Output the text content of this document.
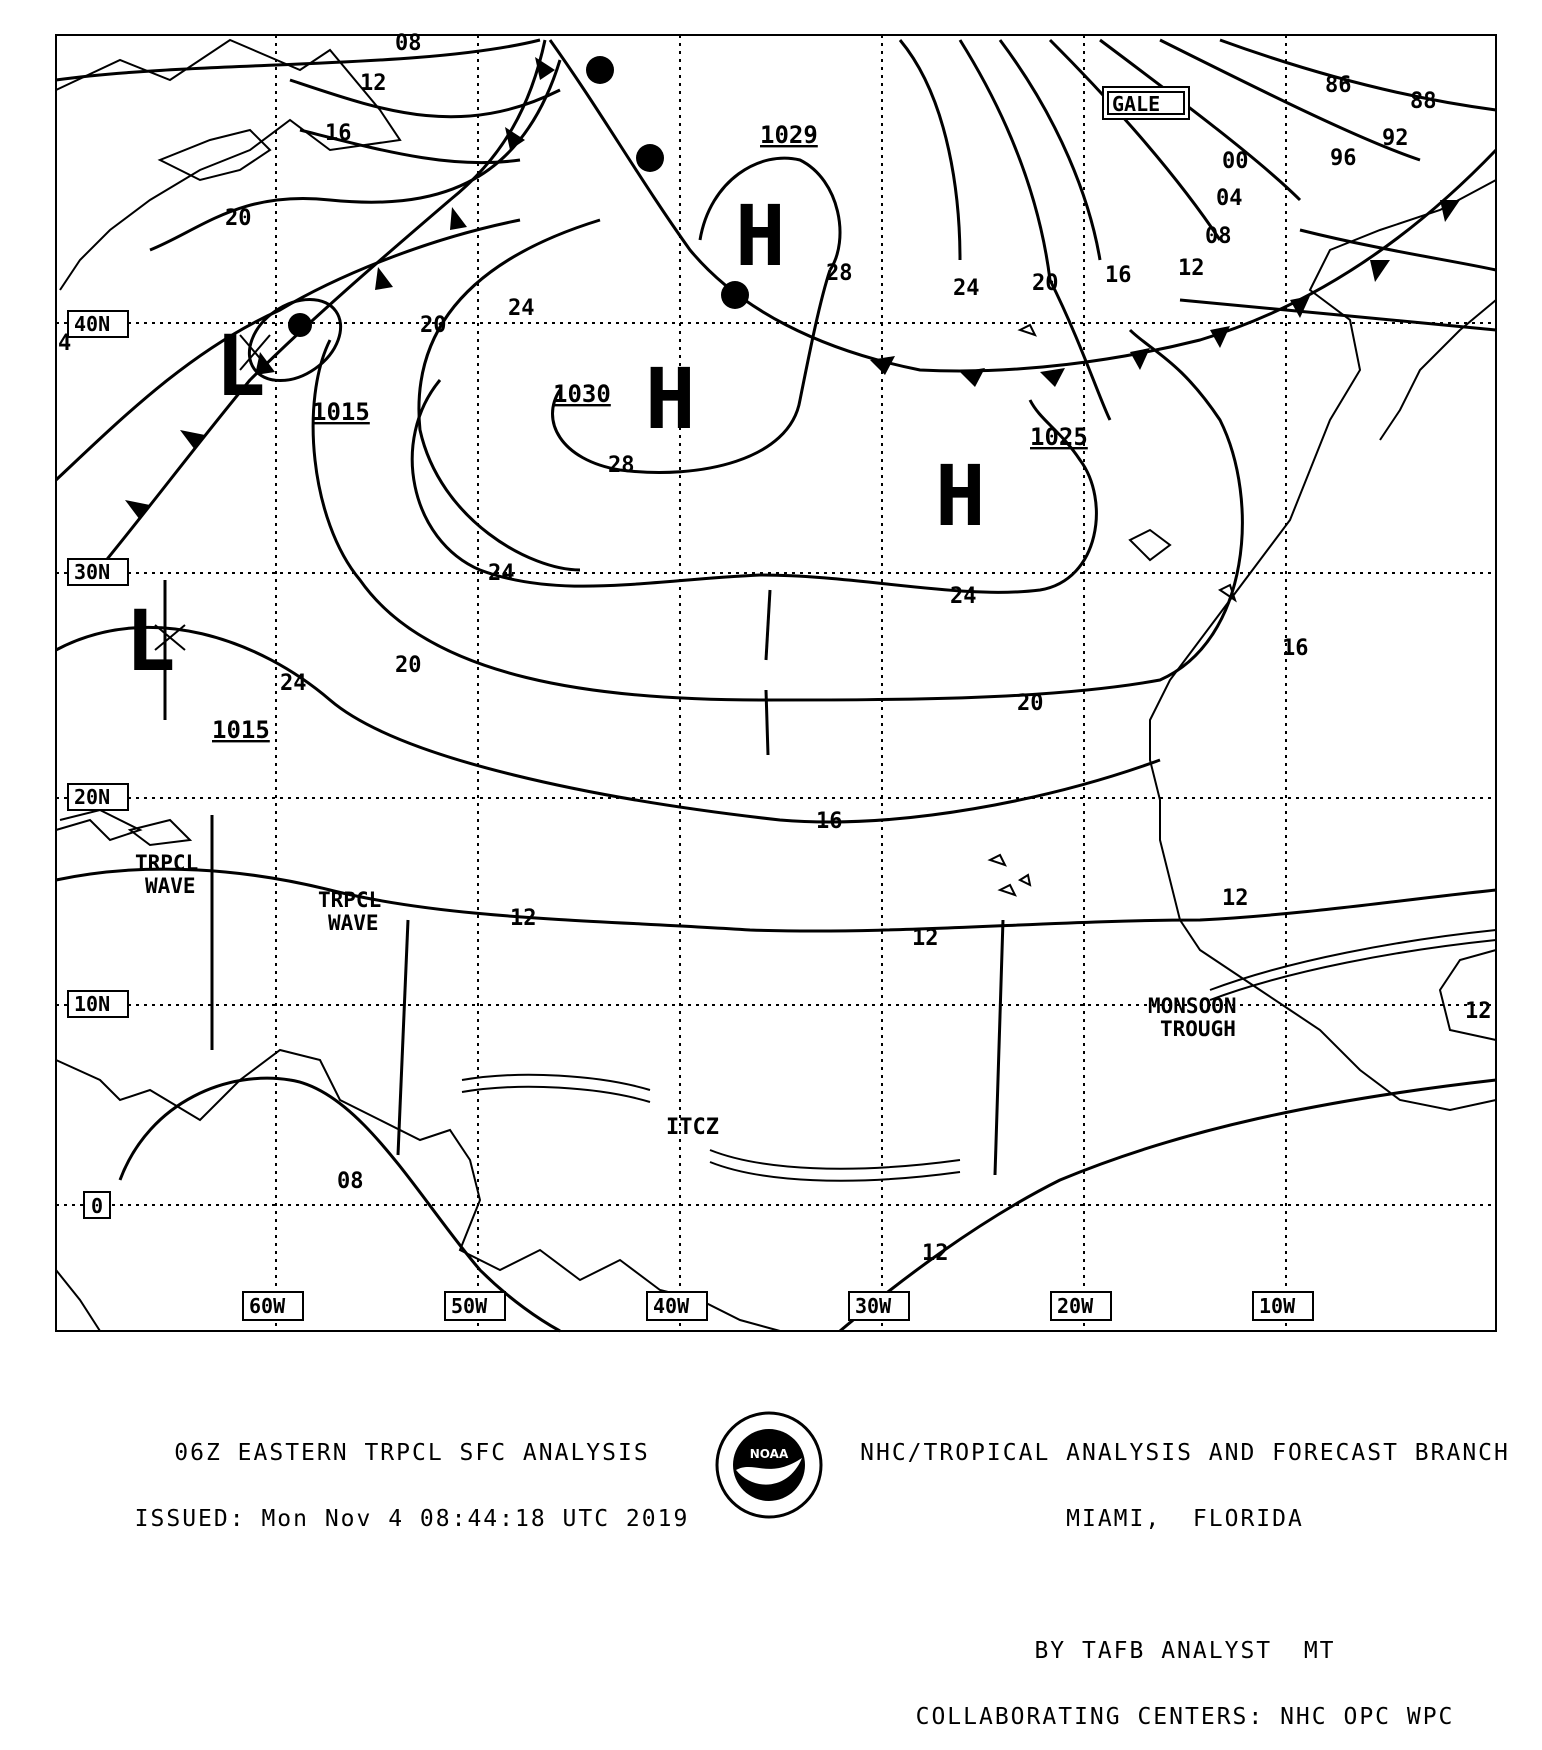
40N
30N
20N
10N
0
60W	50W	40W	30W	20W	10W
H
1029
H
1030
H
1025
L 1015
L
1015
08
12
16
20
24
20
24
28
28
24 20 16 12
00
04
08
96
86
88
92
24
20
16
12
16
20
24
4
08
12
12
12
12
GALE
TRPCL
WAVE
TRPCL
WAVE
ITCZ
MONSOON
TROUGH
NOAA

06Z EASTERN TRPCL SFC ANALYSIS

ISSUED: Mon Nov 4 08:44:18 UTC 2019

NHC/TROPICAL ANALYSIS AND FORECAST BRANCH

MIAMI,  FLORIDA

BY TAFB ANALYST  MT

COLLABORATING CENTERS: NHC OPC WPC
